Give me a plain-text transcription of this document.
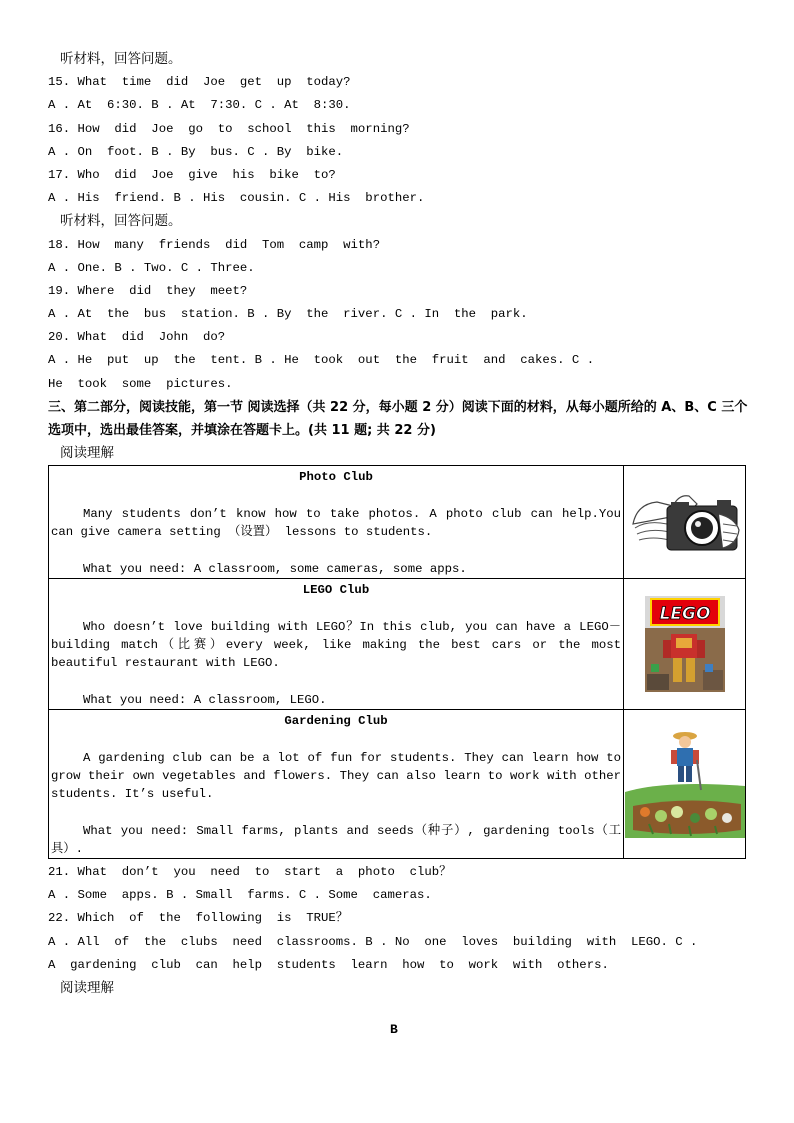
听材料，回答问题。
15. What  time  did  Joe  get  up  today?
A . At  6:30. B . At  7:30. C . At  8:30.
16. How  did  Joe  go  to  school  this  morning?
A . On  foot. B . By  bus. C . By  bike.
17. Who  did  Joe  give  his  bike  to?
A . His  friend. B . His  cousin. C . His  brother.
听材料，回答问题。
18. How  many  friends  did  Tom  camp  with?
A . One. B . Two. C . Three.
19. Where  did  they  meet?
A . At  the  bus  station. B . By  the  river. C . In  the  park.
20. What  did  John  do?
A . He  put  up  the  tent. B . He  took  out  the  fruit  and  cakes. C .
He  took  some  pictures.
三、第二部分，阅读技能，第一节 阅读选择（共 22 分，每小题 2 分）阅读下面的材料，从每小题所给的 A、B、C 三个选项中，选出最佳答案，并填涂在答题卡上。(共 11 题; 共 22 分)
阅读理解
Photo Club
Many students don’t know how to take photos. A photo club can help.You can give camera setting （设置） lessons to students.
What you need: A classroom, some cameras, some apps.

LEGO Club
Who doesn’t love building with LEGO？In this club, you can have a LEGO－building match（比赛）every week, like making the best cars or the most beautiful restaurant with LEGO.
What you need: A classroom, LEGO.	LEGO

Gardening Club
A gardening club can be a lot of fun for students. They can learn how to grow their own vegetables and flowers. They can also learn to work with other students. It’s useful.
What you need: Small farms, plants and seeds（种子）, gardening tools（工具）.

21. What  don’t  you  need  to  start  a  photo  club？
A . Some  apps. B . Small  farms. C . Some  cameras.
22. Which  of  the  following  is  TRUE？
A . All  of  the  clubs  need  classrooms. B . No  one  loves  building  with  LEGO. C .
A  gardening  club  can  help  students  learn  how  to  work  with  others.
阅读理解
B
